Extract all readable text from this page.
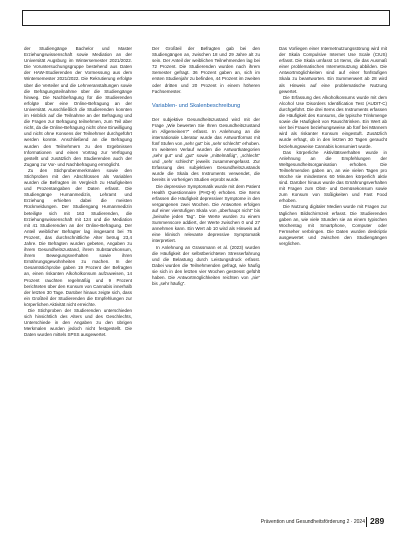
der Studiengänge Bachelor und Master Erziehungswissenschaft sowie Mediation an der Universität Augsburg im Wintersemester 2021/2022. Die Voruntersuchungsgruppe bestehend aus Daten der HAW-Studierenden der Vormessung aus dem Wintersemester 2021/2022. Die Rekrutierung erfolgte über die Verteiler und die Lehrveranstaltungen sowie die Befragungsteilnahme über die Studiengänge hinweg. Die Nachbefragung für die Studierenden erfolgte über eine Online-Befragung an der Universität. Ausschließlich die Studierenden konnten im Hinblick auf die Teilnahme an der Befragung und die Fragen zur Befragung teilnehmen, zum Teil aber nicht, da die Online-Befragung nicht ohne Einwilligung und nicht ohne Konsens der Teilnehmer durchgeführt werden konnte. Anschließend an die Befragung wurden den Teilnehmern zu den Ergebnissen Informationen und einen Vortrag zur Verfügung gestellt und zusätzlich den Studierenden auch der Zugang zur Vor- und Nachbefragung ermöglicht.

Zu den Stichprobenmerkmalen sowie den Stichproben mit den Abschlüssen als Variablen wurden die Befragten im Vergleich zu Häufigkeiten und Prozentangaben der Daten erfasst. Die Studiengänge Humanmedizin, Lehramt und Erziehung erhielten dabei die meisten Rückmeldungen. Der Studiengang Humanmedizin beteiligte sich mit 163 Studierenden, die Erziehungswissenschaft mit 124 und die Mediation mit 41 Studierenden an der Online-Befragung. Der Anteil weiblicher Befragter lag insgesamt bei 75 Prozent, das durchschnittliche Alter betrug 23,4 Jahre. Die Befragten wurden gebeten, Angaben zu ihrem Gesundheitszustand, ihrem Substanzkonsum, ihrem Bewegungsverhalten sowie ihren Ernährungsgewohnheiten zu machen. In der Gesamtstichprobe gaben 19 Prozent der Befragten an, einen riskanten Alkoholkonsum aufzuweisen, 14 Prozent rauchten regelmäßig und 9 Prozent berichteten über den Konsum von Cannabis innerhalb der letzten 30 Tage. Darüber hinaus zeigte sich, dass ein Großteil der Studierenden die Empfehlungen zur körperlichen Aktivität nicht erreichte.

Die Stichproben der Studierenden unterschieden sich hinsichtlich des Alters und des Geschlechts, Unterschiede in den Angaben zu den übrigen Merkmalen wurden jedoch nicht festgestellt. Die Daten wurden mittels SPSS ausgewertet.

Der Großteil der Befragten gab bei den Studiengängen an, zwischen 18 und 29 Jahre alt zu sein. Der Anteil der weiblichen Teilnehmenden lag bei 72 Prozent. Die Studierenden wurden nach ihrem Semester gefragt. 36 Prozent gaben an, sich im ersten Studienjahr zu befinden, 44 Prozent im zweiten oder dritten und 20 Prozent in einem höheren Fachsemester.

Variablen- und Skalenbeschreibung

Der subjektive Gesundheitszustand wird mit der Frage „Wie bewerten Sie Ihren Gesundheitszustand im Allgemeinen?“ erfasst. In Anlehnung an die internationale Literatur wurde das Antwortformat mit fünf Stufen von „sehr gut“ bis „sehr schlecht“ erhoben. Im weiteren Verlauf wurden die Antwortkategorien „sehr gut“ und „gut“ sowie „mittelmäßig“, „schlecht“ und „sehr schlecht“ jeweils zusammengefasst. Zur Erfassung des subjektiven Gesundheitszustands wurde die Skala des Instruments verwendet, die bereits in vorherigen Studien erprobt wurde.

Die depressive Symptomatik wurde mit dem Patient Health Questionnaire (PHQ-9) erhoben. Die Items erfassen die Häufigkeit depressiver Symptome in den vergangenen zwei Wochen. Die Antworten erfolgen auf einer vierstufigen Skala von „überhaupt nicht“ bis „beinahe jeden Tag“. Die Werte wurden zu einem Summenscore addiert, der Werte zwischen 0 und 27 annehmen kann. Ein Wert ab 10 wird als Hinweis auf eine klinisch relevante depressive Symptomatik interpretiert.

In Anlehnung an Grassmann et al. (2023) wurden die Häufigkeit der selbstberichteten Stresserfahrung und die Belastung durch Leistungsdruck erfasst. Dabei wurden die Teilnehmenden gefragt, wie häufig sie sich in den letzten vier Wochen gestresst gefühlt haben. Die Antwortmöglichkeiten reichten von „nie“ bis „sehr häufig“.

Das Vorliegen einer Internetnutzungsstörung wird mit der Skala Compulsive Internet Use Scale (CIUS) erfasst. Die Skala umfasst 14 Items, die das Ausmaß einer problematischen Internetnutzung abbilden. Die Antwortmöglichkeiten sind auf einer fünfstufigen Skala zu beantworten. Ein Summenwert ab 28 wird als Hinweis auf eine problematische Nutzung gewertet.

Die Erfassung des Alkoholkonsums wurde mit dem Alcohol Use Disorders Identification Test (AUDIT-C) durchgeführt. Die drei Items des Instruments erfassen die Häufigkeit des Konsums, die typische Trinkmenge sowie die Häufigkeit von Rauschtrinken. Ein Wert ab vier bei Frauen beziehungsweise ab fünf bei Männern wird als riskanter Konsum eingestuft. Zusätzlich wurde erfragt, ob in den letzten 30 Tagen geraucht beziehungsweise Cannabis konsumiert wurde.

Das körperliche Aktivitätsverhalten wurde in Anlehnung an die Empfehlungen der Weltgesundheitsorganisation erhoben. Die Teilnehmenden gaben an, an wie vielen Tagen pro Woche sie mindestens 60 Minuten körperlich aktiv sind. Darüber hinaus wurde das Ernährungsverhalten mit Fragen zum Obst- und Gemüsekonsum sowie zum Konsum von Süßigkeiten und Fast Food erhoben.

Die Nutzung digitaler Medien wurde mit Fragen zur täglichen Bildschirmzeit erfasst. Die Studierenden gaben an, wie viele Stunden sie an einem typischen Wochentag mit Smartphone, Computer oder Fernseher verbringen. Die Daten wurden deskriptiv ausgewertet und zwischen den Studiengängen verglichen.

Prävention und Gesundheitsförderung 2 · 2024 289
